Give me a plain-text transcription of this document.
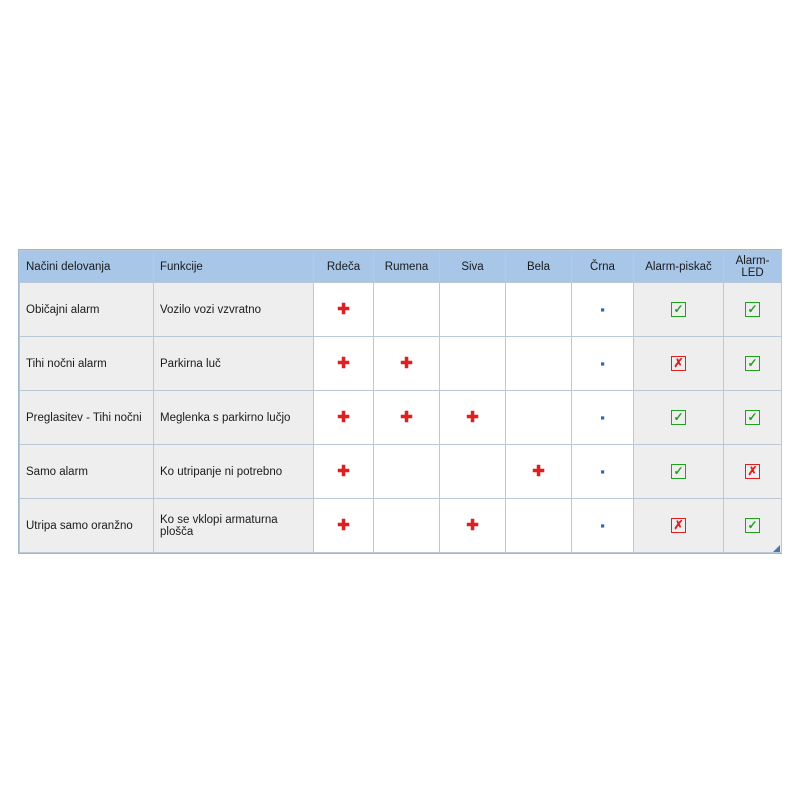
Načini delovanja	Funkcije	Rdeča	Rumena	Siva	Bela	Črna	Alarm-piskač	Alarm-LED
Običajni alarm	Vozilo vozi vzvratno	✚				▪	✓	✓
Tihi nočni alarm	Parkirna luč	✚	✚			▪	✗	✓
Preglasitev - Tihi nočni	Meglenka s parkirno lučjo	✚	✚	✚		▪	✓	✓
Samo alarm	Ko utripanje ni potrebno	✚			✚	▪	✓	✗
Utripa samo oranžno	Ko se vklopi armaturna plošča	✚		✚		▪	✗	✓
